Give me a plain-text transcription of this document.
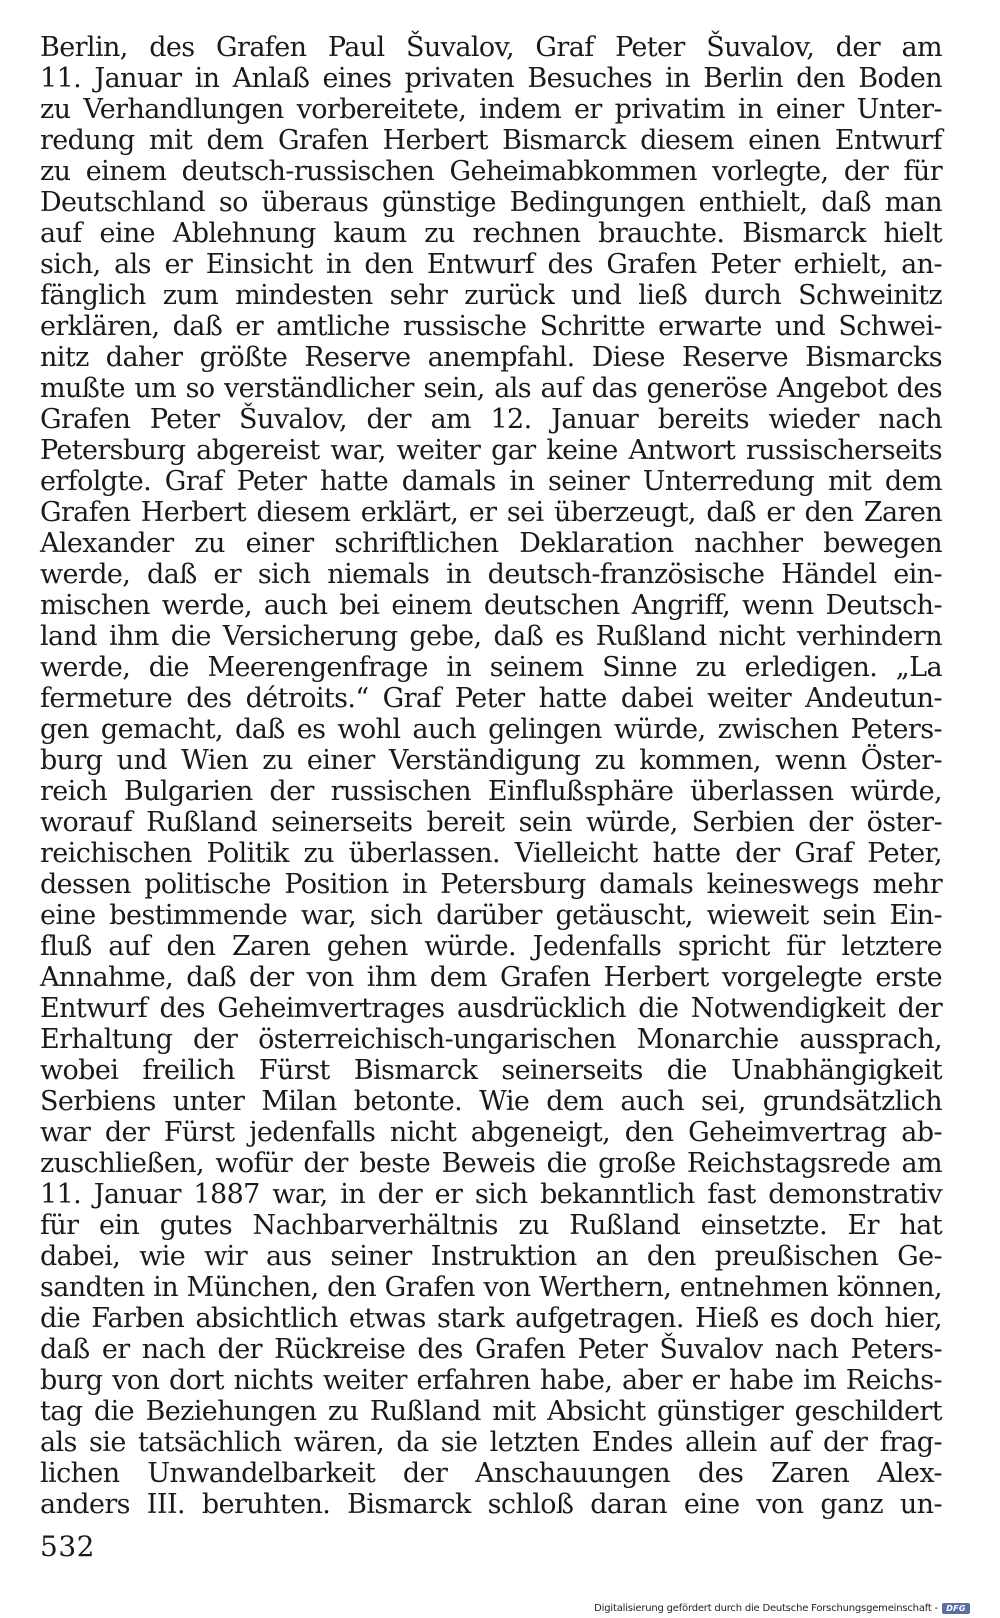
Berlin, des Grafen Paul Šuvalov, Graf Peter Šuvalov, der am
11. Januar in Anlaß eines privaten Besuches in Berlin den Boden
zu Verhandlungen vorbereitete, indem er privatim in einer Unter-
redung mit dem Grafen Herbert Bismarck diesem einen Entwurf
zu einem deutsch-russischen Geheimabkommen vorlegte, der für
Deutschland so überaus günstige Bedingungen enthielt, daß man
auf eine Ablehnung kaum zu rechnen brauchte. Bismarck hielt
sich, als er Einsicht in den Entwurf des Grafen Peter erhielt, an-
fänglich zum mindesten sehr zurück und ließ durch Schweinitz
erklären, daß er amtliche russische Schritte erwarte und Schwei-
nitz daher größte Reserve anempfahl. Diese Reserve Bismarcks
mußte um so verständlicher sein, als auf das generöse Angebot des
Grafen Peter Šuvalov, der am 12. Januar bereits wieder nach
Petersburg abgereist war, weiter gar keine Antwort russischerseits
erfolgte. Graf Peter hatte damals in seiner Unterredung mit dem
Grafen Herbert diesem erklärt, er sei überzeugt, daß er den Zaren
Alexander zu einer schriftlichen Deklaration nachher bewegen
werde, daß er sich niemals in deutsch-französische Händel ein-
mischen werde, auch bei einem deutschen Angriff, wenn Deutsch-
land ihm die Versicherung gebe, daß es Rußland nicht verhindern
werde, die Meerengenfrage in seinem Sinne zu erledigen. „La
fermeture des détroits.“ Graf Peter hatte dabei weiter Andeutun-
gen gemacht, daß es wohl auch gelingen würde, zwischen Peters-
burg und Wien zu einer Verständigung zu kommen, wenn Öster-
reich Bulgarien der russischen Einflußsphäre überlassen würde,
worauf Rußland seinerseits bereit sein würde, Serbien der öster-
reichischen Politik zu überlassen. Vielleicht hatte der Graf Peter,
dessen politische Position in Petersburg damals keineswegs mehr
eine bestimmende war, sich darüber getäuscht, wieweit sein Ein-
fluß auf den Zaren gehen würde. Jedenfalls spricht für letztere
Annahme, daß der von ihm dem Grafen Herbert vorgelegte erste
Entwurf des Geheimvertrages ausdrücklich die Notwendigkeit der
Erhaltung der österreichisch-ungarischen Monarchie aussprach,
wobei freilich Fürst Bismarck seinerseits die Unabhängigkeit
Serbiens unter Milan betonte. Wie dem auch sei, grundsätzlich
war der Fürst jedenfalls nicht abgeneigt, den Geheimvertrag ab-
zuschließen, wofür der beste Beweis die große Reichstagsrede am
11. Januar 1887 war, in der er sich bekanntlich fast demonstrativ
für ein gutes Nachbarverhältnis zu Rußland einsetzte. Er hat
dabei, wie wir aus seiner Instruktion an den preußischen Ge-
sandten in München, den Grafen von Werthern, entnehmen können,
die Farben absichtlich etwas stark aufgetragen. Hieß es doch hier,
daß er nach der Rückreise des Grafen Peter Šuvalov nach Peters-
burg von dort nichts weiter erfahren habe, aber er habe im Reichs-
tag die Beziehungen zu Rußland mit Absicht günstiger geschildert
als sie tatsächlich wären, da sie letzten Endes allein auf der frag-
lichen Unwandelbarkeit der Anschauungen des Zaren Alex-
anders III. beruhten. Bismarck schloß daran eine von ganz un-
532
Digitalisierung gefördert durch die Deutsche Forschungsgemeinschaft -	DFG
